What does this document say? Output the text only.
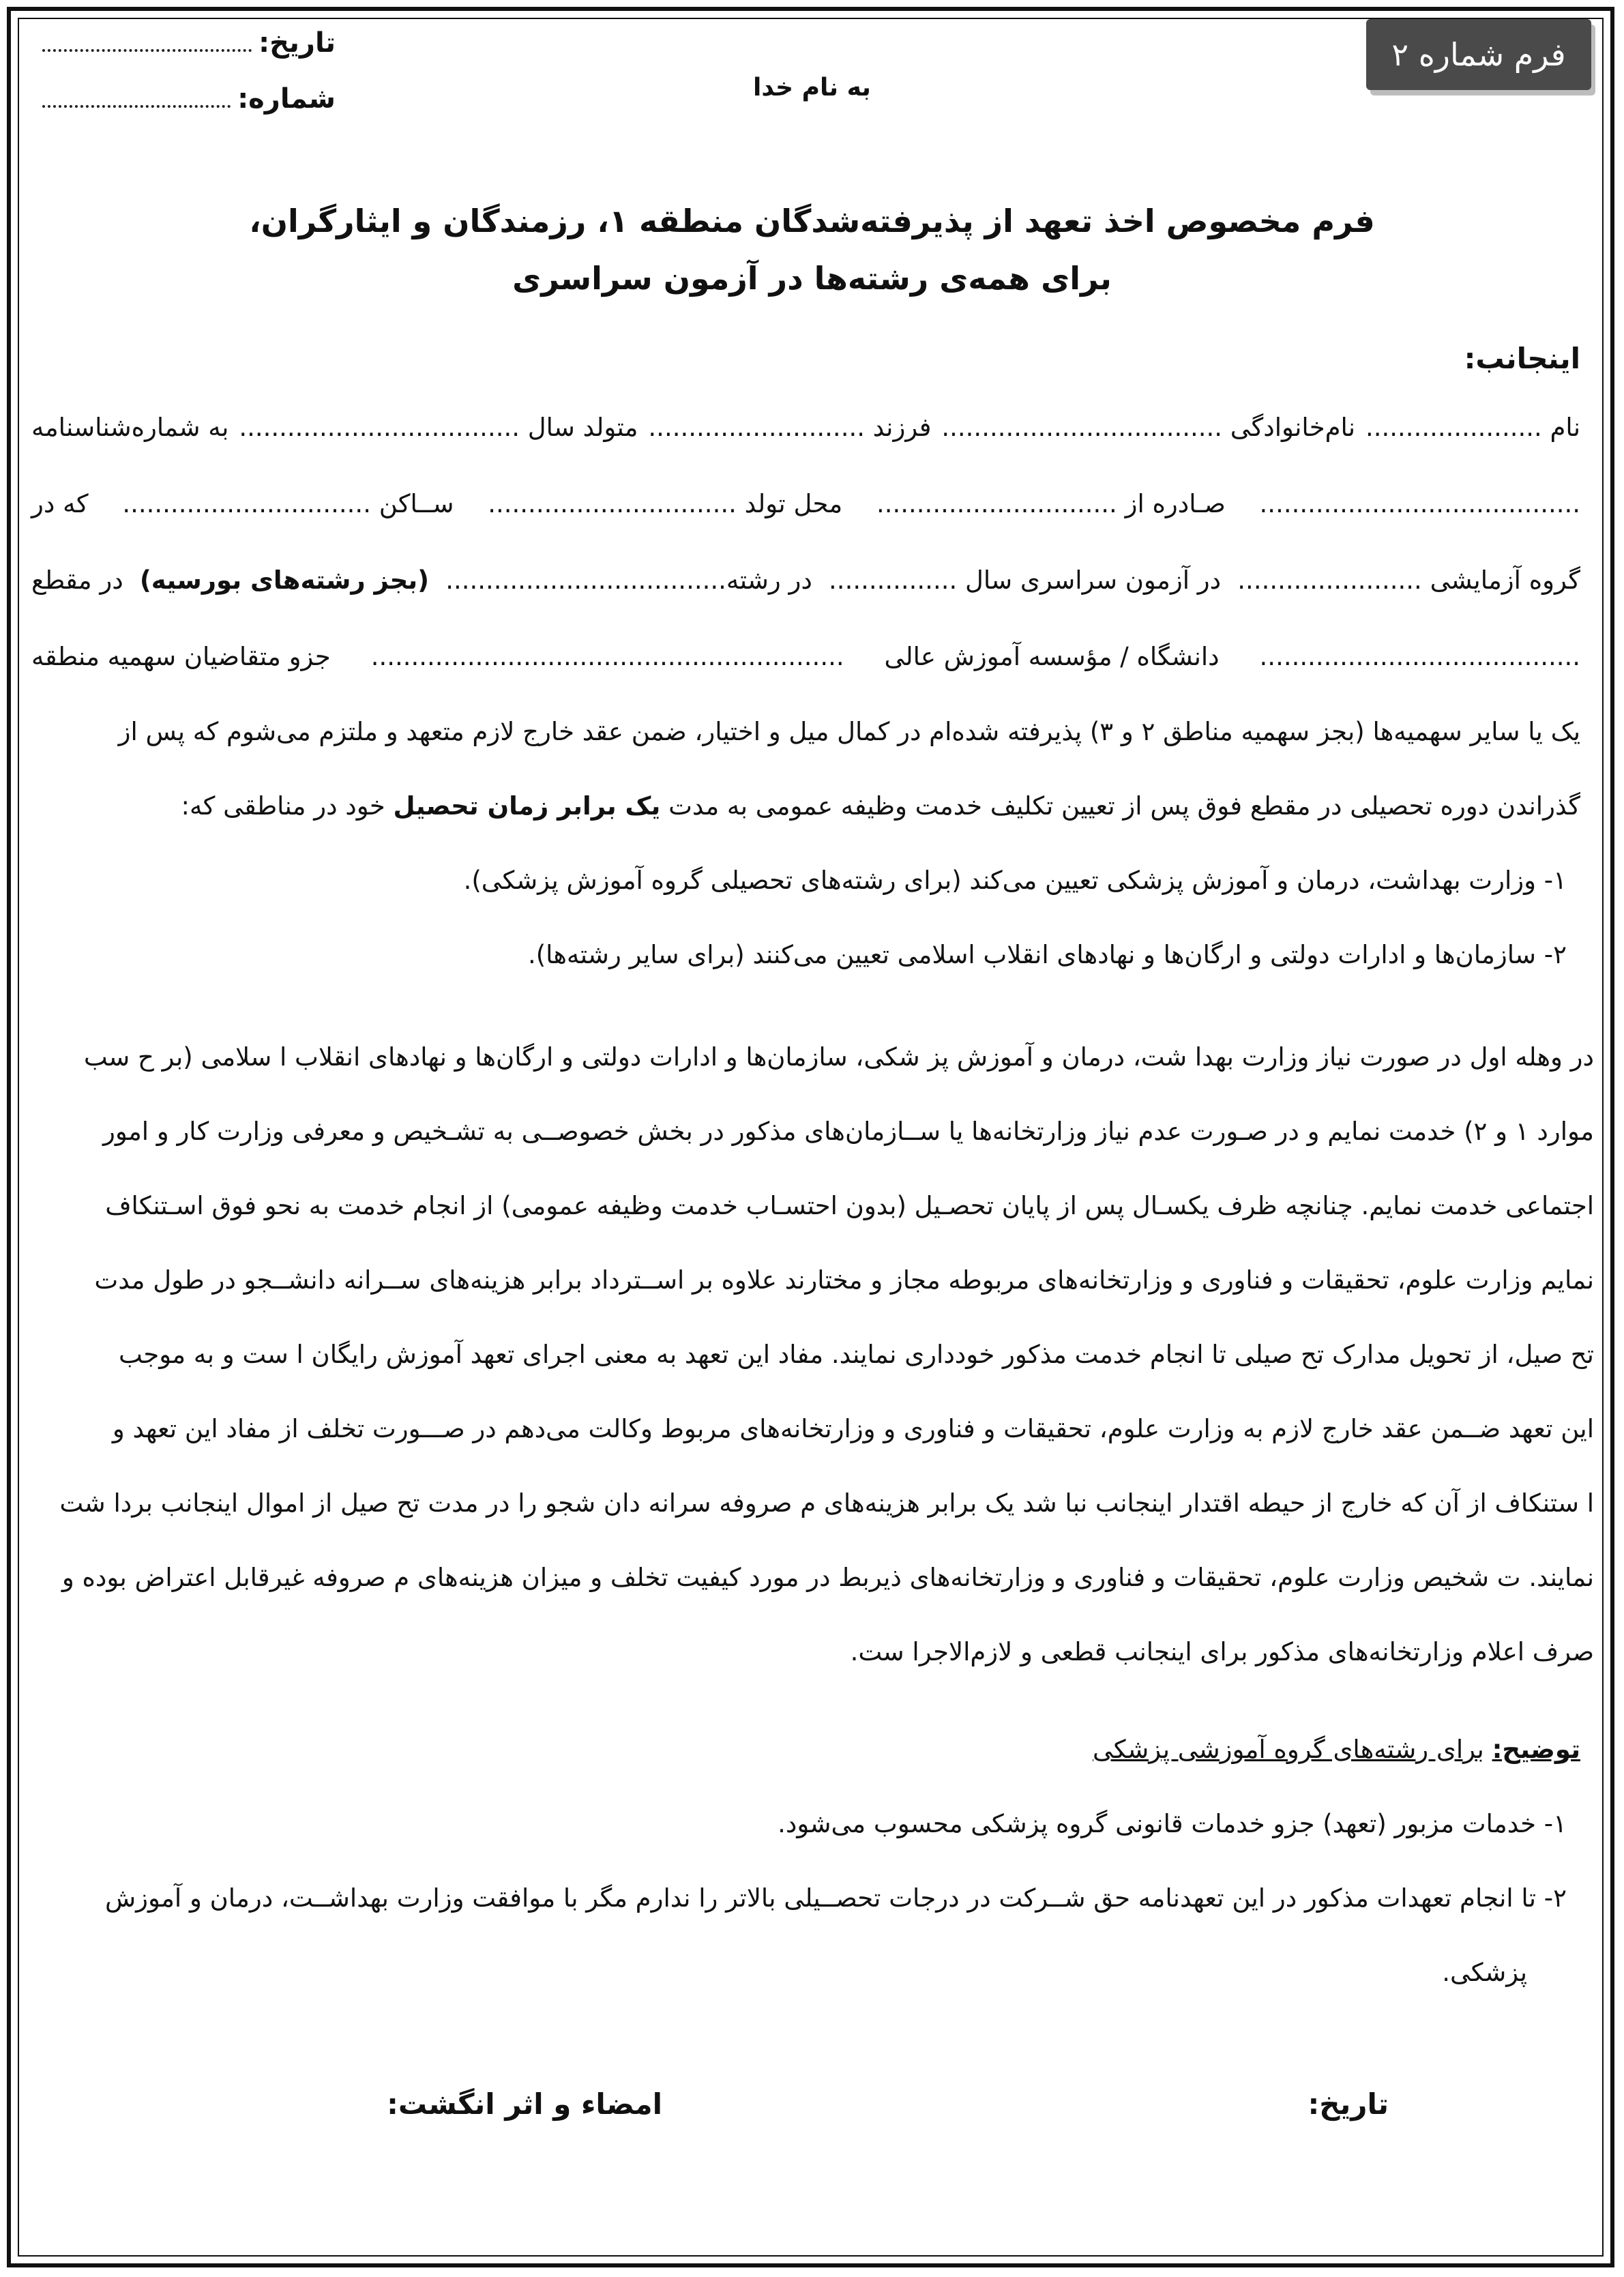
فرم شماره ۲
تاریخ:
شماره:	به نام خدا
فرم مخصوص اخذ تعهد از پذیرفته‌شدگان منطقه ۱، رزمندگان و ایثارگران،
برای همه‌ی رشته‌ها در آزمون سراسری
اینجانب:
نام ......................
نام‌خانوادگی ...................................
فرزند ...........................
متولد سال ...................................
به شماره‌شناسنامه
........................................
صـادره از ..............................
محل تولد ...............................
ســاکن ...............................
که در
گروه آزمایشی .......................
در آزمون سراسری سال ................
در رشته...................................
(بجز رشته‌های بورسیه)
در مقطع
........................................
دانشگاه / مؤسسه آموزش عالی
...........................................................
جزو متقاضیان سهمیه منطقه

یک یا سایر سهمیه‌ها (بجز سهمیه مناطق ۲ و ۳) پذیرفته شده‌ام در کمال میل و اختیار، ضمن عقد خارج لازم متعهد و ملتزم می‌شوم که پس از

گذراندن دوره تحصیلی در مقطع فوق پس از تعیین تکلیف خدمت وظیفه عمومی به مدت یک برابر زمان تحصیل خود در مناطقی که:

۱- وزارت بهداشت، درمان و آموزش پزشکی تعیین می‌کند (برای رشته‌های تحصیلی گروه آموزش پزشکی).

۲- سازمان‌ها و ادارات دولتی و ارگان‌ها و نهادهای انقلاب اسلامی تعیین می‌کنند (برای سایر رشته‌ها).

در وهله اول در صورت نیاز وزارت بهدا شت، درمان و آموزش پز شکی، سازمان‌ها و ادارات دولتی و ارگان‌ها و نهادهای انقلاب ا سلامی (بر ح سب

موارد ۱ و ۲) خدمت نمایم و در صـورت عدم نیاز وزارتخانه‌ها یا ســازمان‌های مذکور در بخش خصوصــی به تشـخیص و معرفی وزارت کار و امور

اجتماعی خدمت نمایم. چنانچه ظرف یکسـال پس از پایان تحصـیل (بدون احتسـاب خدمت وظیفه عمومی) از انجام خدمت به نحو فوق اسـتنکاف

نمایم وزارت علوم، تحقیقات و فناوری و وزارتخانه‌های مربوطه مجاز و مختارند علاوه بر اســترداد برابر هزینه‌های ســرانه دانشــجو در طول مدت

تح صیل، از تحویل مدارک تح صیلی تا انجام خدمت مذکور خودداری نمایند. مفاد این تعهد به معنی اجرای تعهد آموزش رایگان ا ست و به موجب

این تعهد ضــمن عقد خارج لازم به وزارت علوم، تحقیقات و فناوری و وزارتخانه‌های مربوط وکالت می‌دهم در صـــورت تخلف از مفاد این تعهد و

ا ستنکاف از آن که خارج از حیطه اقتدار اینجانب نبا شد یک برابر هزینه‌های م صروفه سرانه دان شجو را در مدت تح صیل از اموال اینجانب بردا شت

نمایند. ت شخیص وزارت علوم، تحقیقات و فناوری و وزارتخانه‌های ذیربط در مورد کیفیت تخلف و میزان هزینه‌های م صروفه غیرقابل اعتراض بوده و

صرف اعلام وزارتخانه‌های مذکور برای اینجانب قطعی و لازم‌الاجرا ست.

توضیح: برای رشته‌های گروه آموزشی پزشکی

۱- خدمات مزبور (تعهد) جزو خدمات قانونی گروه پزشکی محسوب می‌شود.

۲- تا انجام تعهدات مذکور در این تعهدنامه حق شــرکت در درجات تحصــیلی بالاتر را ندارم مگر با موافقت وزارت بهداشــت، درمان و آموزش

پزشکی.

تاریخ:
امضاء و اثر انگشت:
